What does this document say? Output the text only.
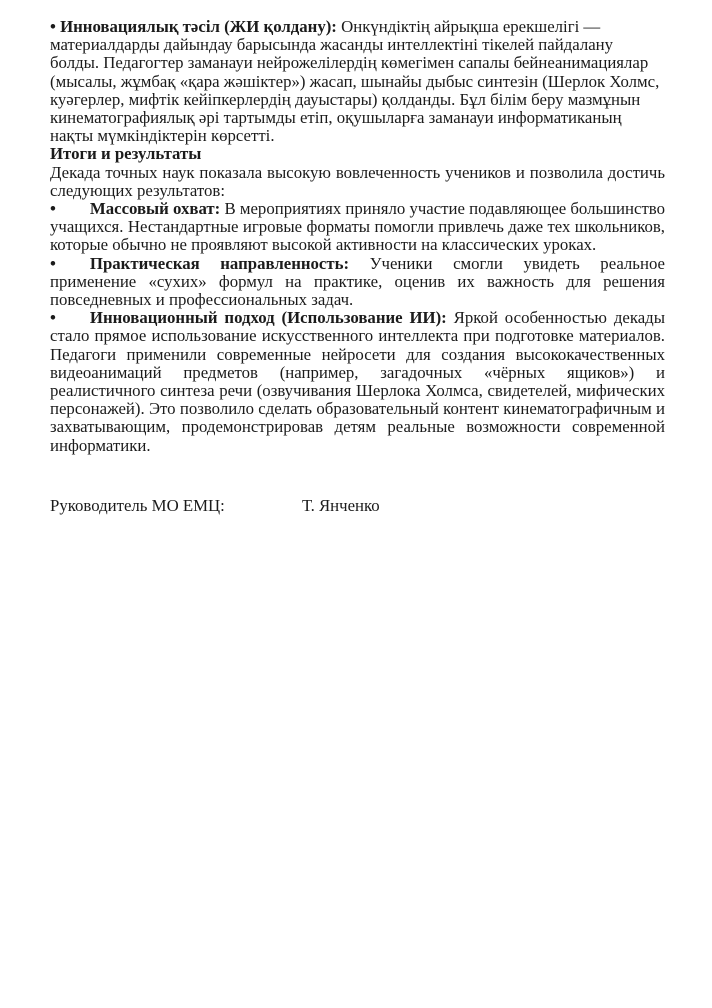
• Инновациялық тәсіл (ЖИ қолдану): Онкүндіктің айрықша ерекшелігі — материалдарды дайындау барысында жасанды интеллектіні тікелей пайдалану болды. Педагогтер заманауи нейрожелілердің көмегімен сапалы бейнеанимациялар (мысалы, жұмбақ «қара жәшіктер») жасап, шынайы дыбыс синтезін (Шерлок Холмс, куәгерлер, мифтік кейіпкерлердің дауыстары) қолданды. Бұл білім беру мазмұнын кинематографиялық әрі тартымды етіп, оқушыларға заманауи информатиканың нақты мүмкіндіктерін көрсетті.

Итоги и результаты

Декада точных наук показала высокую вовлеченность учеников и позволила достичь следующих результатов:

• Массовый охват: В мероприятиях приняло участие подавляющее большинство учащихся. Нестандартные игровые форматы помогли привлечь даже тех школьников, которые обычно не проявляют высокой активности на классических уроках.

• Практическая направленность: Ученики смогли увидеть реальное применение «сухих» формул на практике, оценив их важность для решения повседневных и профессиональных задач.

• Инновационный подход (Использование ИИ): Яркой особенностью декады стало прямое использование искусственного интеллекта при подготовке материалов. Педагоги применили современные нейросети для создания высококачественных видеоанимаций предметов (например, загадочных «чёрных ящиков») и реалистичного синтеза речи (озвучивания Шерлока Холмса, свидетелей, мифических персонажей). Это позволило сделать образовательный контент кинематографичным и захватывающим, продемонстрировав детям реальные возможности современной информатики.

Руководитель МО ЕМЦ:	Т. Янченко
